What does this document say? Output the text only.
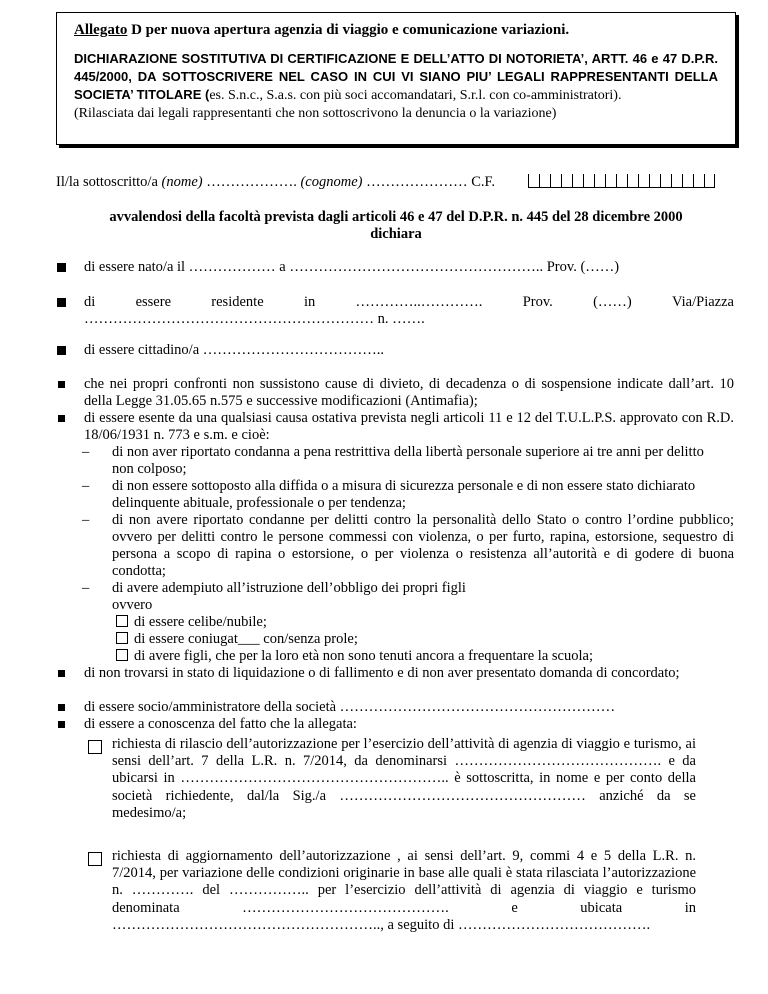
Allegato D per nuova apertura agenzia di viaggio e comunicazione variazioni.
DICHIARAZIONE SOSTITUTIVA DI CERTIFICAZIONE E DELL’ATTO DI NOTORIETA’, ARTT. 46 e 47 D.P.R. 445/2000, DA SOTTOSCRIVERE NEL CASO IN CUI VI SIANO PIU’ LEGALI RAPPRESENTANTI DELLA SOCIETA’ TITOLARE (es. S.n.c., S.a.s. con più soci accomandatari, S.r.l. con co-amministratori).
(Rilasciata dai legali rappresentanti che non sottoscrivono la denuncia o la variazione)
Il/la sottoscritto/a (nome) ………………. (cognome) ………………… C.F.
avvalendosi della facoltà prevista dagli articoli 46 e 47 del D.P.R. n. 445 del 28 dicembre 2000
dichiara
di essere nato/a il ……………… a …………………………………………….. Prov. (……)
di	essere	residente	in	…………..………….	Prov.	(……)	Via/Piazza
…………………………………………………… n. …….
di essere cittadino/a ………………………………..
che nei propri confronti non sussistono cause di divieto, di decadenza o di sospensione indicate dall’art. 10 della Legge 31.05.65 n.575 e successive modificazioni (Antimafia);
di essere esente da una qualsiasi causa ostativa prevista negli articoli 11 e 12 del T.U.L.P.S. approvato con R.D. 18/06/1931 n. 773 e s.m. e cioè:
– di non aver riportato condanna a pena restrittiva della libertà personale superiore ai tre anni per delitto non colposo;
– di non essere sottoposto alla diffida o a misura di sicurezza personale e di non essere stato dichiarato delinquente abituale, professionale o per tendenza;
– di non avere riportato condanne per delitti contro la personalità dello Stato o contro l’ordine pubblico; ovvero per delitti contro le persone commessi con violenza, o per furto, rapina, estorsione, sequestro di persona a scopo di rapina o estorsione, o per violenza o resistenza all’autorità e di godere di buona condotta;
– di avere adempiuto all’istruzione dell’obbligo dei propri figli
ovvero
di essere celibe/nubile;
di essere coniugat___ con/senza prole;
di avere figli, che per la loro età non sono tenuti ancora a frequentare la scuola;
di non trovarsi in stato di liquidazione o di fallimento e di non aver presentato domanda di concordato;
di essere socio/amministratore della società …………………………………………………
di essere a conoscenza del fatto che la allegata:
richiesta di rilascio dell’autorizzazione per l’esercizio dell’attività di agenzia di viaggio e turismo, ai sensi dell’art. 7 della L.R. n. 7/2014, da denominarsi ……………………………………. e da ubicarsi in ……………………………………………….. è sottoscritta, in nome e per conto della società richiedente, dal/la Sig./a …………………………………………… anziché da se medesimo/a;
richiesta di aggiornamento dell’autorizzazione , ai sensi dell’art. 9, commi 4 e 5 della L.R. n. 7/2014, per variazione delle condizioni originarie in base alle quali è stata rilasciata l’autorizzazione n. …………. del …………….. per l’esercizio dell’attività di agenzia di viaggio e turismo denominata ……………………………………. e ubicata in ……………………………………………….., a seguito di ………………………………….
